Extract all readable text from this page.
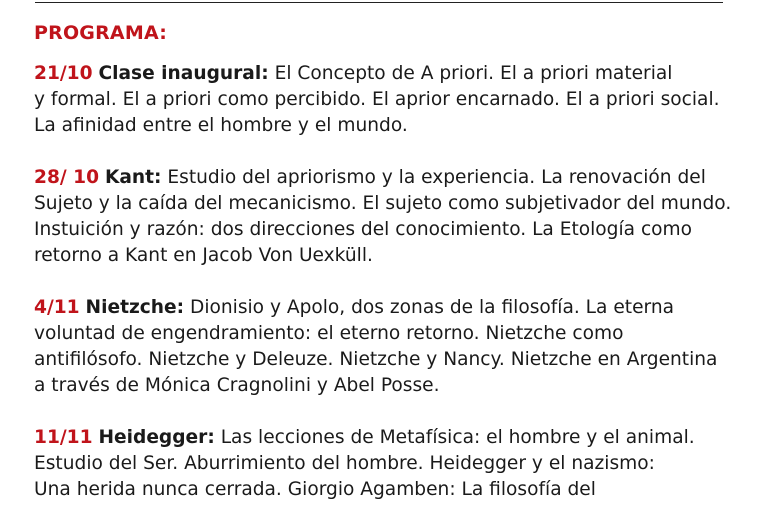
PROGRAMA:
21/10 Clase inaugural: El Concepto de A priori. El a priori material
y formal. El a priori como percibido. El aprior encarnado. El a priori social.
La afinidad entre el hombre y el mundo.
28/ 10 Kant: Estudio del apriorismo y la experiencia. La renovación del
Sujeto y la caída del mecanicismo. El sujeto como subjetivador del mundo.
Instuición y razón: dos direcciones del conocimiento. La Etología como
retorno a Kant en Jacob Von Uexküll.
4/11 Nietzche: Dionisio y Apolo, dos zonas de la filosofía. La eterna
voluntad de engendramiento: el eterno retorno. Nietzche como
antifilósofo. Nietzche y Deleuze. Nietzche y Nancy. Nietzche en Argentina
a través de Mónica Cragnolini y Abel Posse.
11/11 Heidegger: Las lecciones de Metafísica: el hombre y el animal.
Estudio del Ser. Aburrimiento del hombre. Heidegger y el nazismo:
Una herida nunca cerrada. Giorgio Agamben: La filosofía del
